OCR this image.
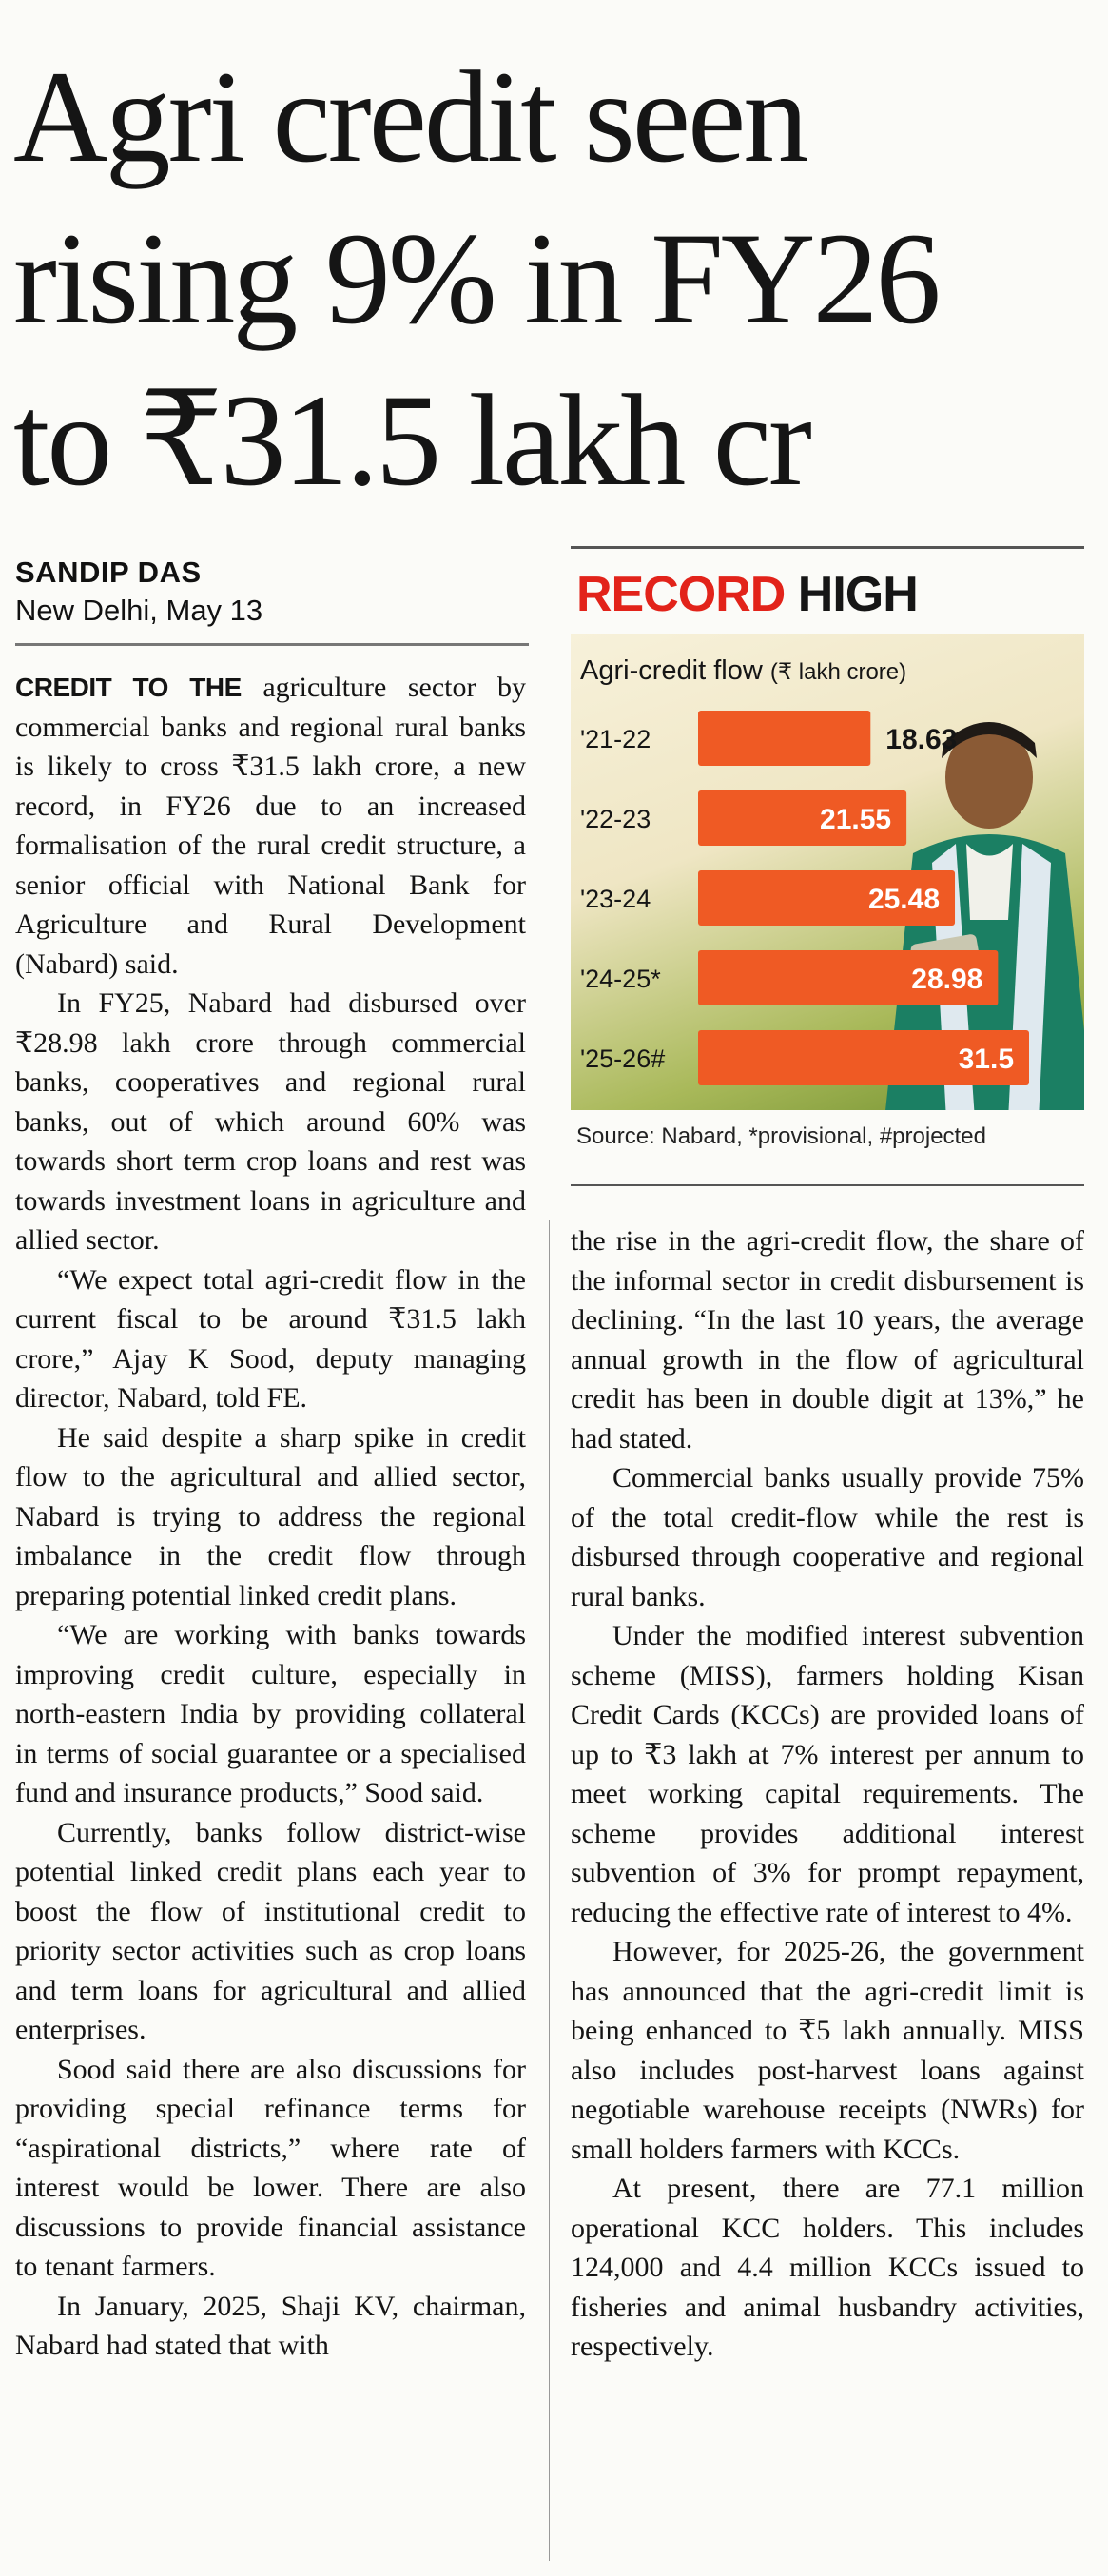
Agri credit seen
rising 9% in FY26
to ₹31.5 lakh cr
SANDIP DAS
New Delhi, May 13	RECORD HIGH
Agri-credit flow (₹ lakh crore)
'21-22	18.63
'22-23	21.55
'23-24	25.48
'24-25*	28.98
'25-26#	31.5
Source: Nabard, *provisional, #projected

CREDIT TO THE agriculture sector by commercial banks and regional rural banks is likely to cross ₹31.5 lakh crore, a new record, in FY26 due to an increased formalisation of the rural credit structure, a senior official with National Bank for Agriculture and Rural Development (Nabard) said.

In FY25, Nabard had disbursed over ₹28.98 lakh crore through commercial banks, cooperatives and regional rural banks, out of which around 60% was towards short term crop loans and rest was towards investment loans in agriculture and allied sector.

“We expect total agri-credit flow in the current fiscal to be around ₹31.5 lakh crore,” Ajay K Sood, deputy managing director, Nabard, told FE.

He said despite a sharp spike in credit flow to the agricultural and allied sector, Nabard is trying to address the regional imbalance in the credit flow through preparing potential linked credit plans.

“We are working with banks towards improving credit culture, especially in north-eastern India by providing collateral in terms of social guarantee or a specialised fund and insurance products,” Sood said.

Currently, banks follow district-wise potential linked credit plans each year to boost the flow of institutional credit to priority sector activities such as crop loans and term loans for agricultural and allied enterprises.

Sood said there are also discussions for providing special refinance terms for “aspirational districts,” where rate of interest would be lower. There are also discussions to provide financial assistance to tenant farmers.

In January, 2025, Shaji KV, chairman, Nabard had stated that with

the rise in the agri-credit flow, the share of the informal sector in credit disbursement is declining. “In the last 10 years, the average annual growth in the flow of agricultural credit has been in double digit at 13%,” he had stated.

Commercial banks usually provide 75% of the total credit-flow while the rest is disbursed through cooperative and regional rural banks.

Under the modified interest subvention scheme (MISS), farmers holding Kisan Credit Cards (KCCs) are provided loans of up to ₹3 lakh at 7% interest per annum to meet working capital requirements. The scheme provides additional interest subvention of 3% for prompt repayment, reducing the effective rate of interest to 4%.

However, for 2025-26, the government has announced that the agri-credit limit is being enhanced to ₹5 lakh annually. MISS also includes post-harvest loans against negotiable warehouse receipts (NWRs) for small holders farmers with KCCs.

At present, there are 77.1 million operational KCC holders. This includes 124,000 and 4.4 million KCCs issued to fisheries and animal husbandry activities, respectively.
